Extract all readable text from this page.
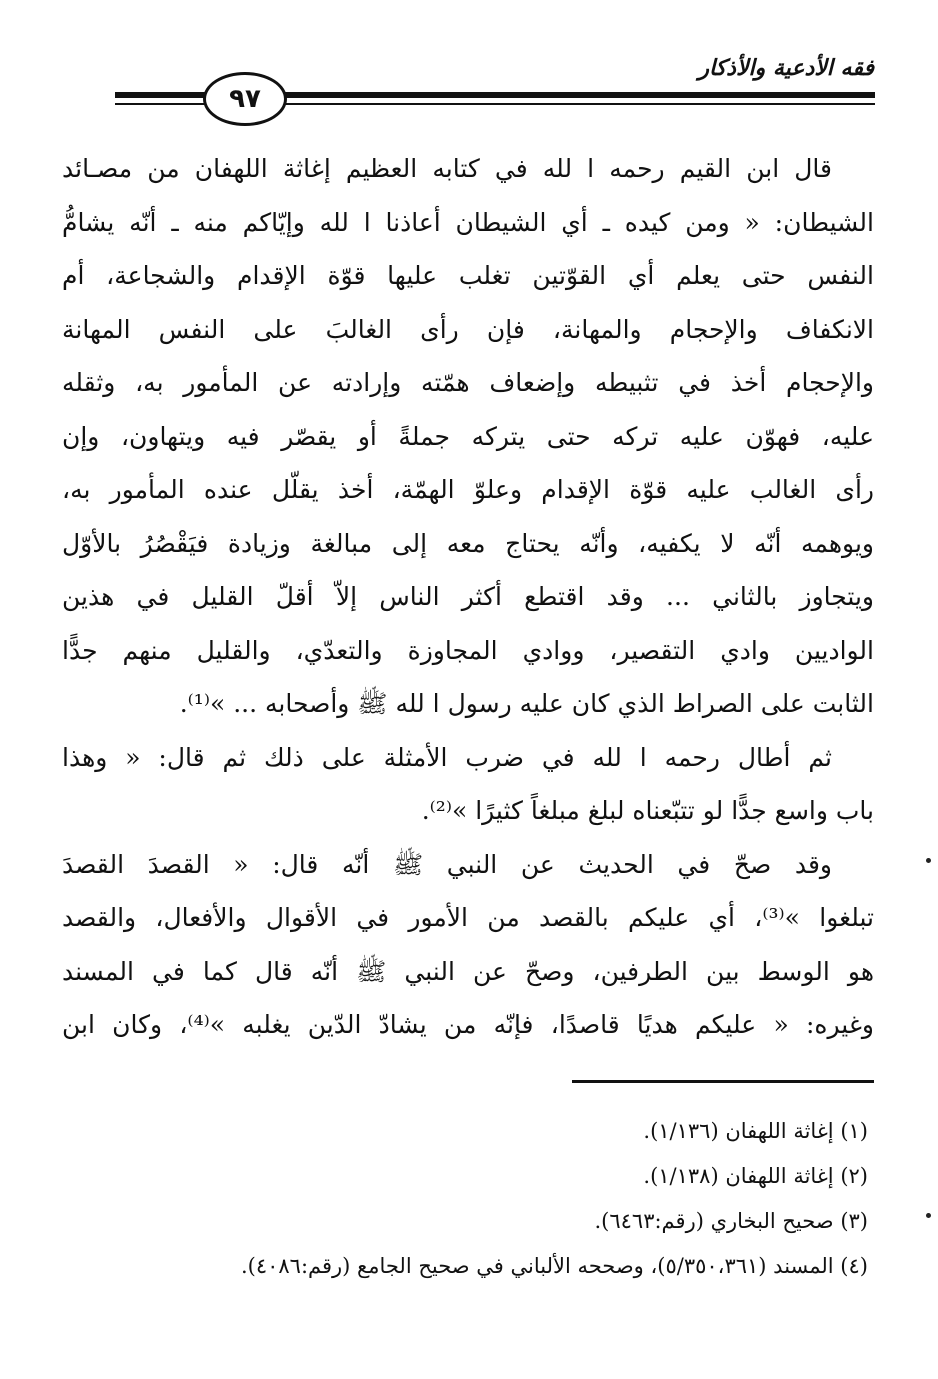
فقه الأدعية والأذكار
٩٧
قال ابن القيم رحمه ا لله في كتابه العظيم إغاثة اللهفان من مصـائد
الشيطان: « ومن كيده ـ أي الشيطان أعاذنا ا لله وإيّاكم منه ـ أنّه يشامُّ
النفس حتى يعلم أي القوّتين تغلب عليها قوّة الإقدام والشجاعة، أم
الانكفاف والإحجام والمهانة، فإن رأى الغالبَ على النفس المهانة
والإحجام أخذ في تثبيطه وإضعاف همّته وإرادته عن المأمور به، وثقله
عليه، فهوّن عليه تركه حتى يتركه جملةً أو يقصّر فيه ويتهاون، وإن
رأى الغالب عليه قوّة الإقدام وعلوّ الهمّة، أخذ يقلّل عنده المأمور به،
ويوهمه أنّه لا يكفيه، وأنّه يحتاج معه إلى مبالغة وزيادة فيَقْصُرُ بالأوّل
ويتجاوز بالثاني ... وقد اقتطع أكثر الناس إلاّ أقلّ القليل في هذين
الواديين وادي التقصير، ووادي المجاوزة والتعدّي، والقليل منهم جدًّا
الثابت على الصراط الذي كان عليه رسول ا لله ﷺ وأصحابه ... »⁽¹⁾.
ثم أطال رحمه ا لله في ضرب الأمثلة على ذلك ثم قال: « وهذا
باب واسع جدًّا لو تتبّعناه لبلغ مبلغاً كثيرًا »⁽²⁾.
وقد صحّ في الحديث عن النبي ﷺ أنّه قال: « القصدَ القصدَ
تبلغوا »⁽³⁾، أي عليكم بالقصد من الأمور في الأقوال والأفعال، والقصد
هو الوسط بين الطرفين، وصحّ عن النبي ﷺ أنّه قال كما في المسند
وغيره: « عليكم هديًا قاصدًا، فإنّه من يشادّ الدّين يغلبه »⁽⁴⁾، وكان ابن
(١) إغاثة اللهفان (١/١٣٦).
(٢) إغاثة اللهفان (١/١٣٨).
(٣) صحيح البخاري (رقم:٦٤٦٣).
(٤) المسند (٥/٣٥٠،٣٦١)، وصححه الألباني في صحيح الجامع (رقم:٤٠٨٦).
